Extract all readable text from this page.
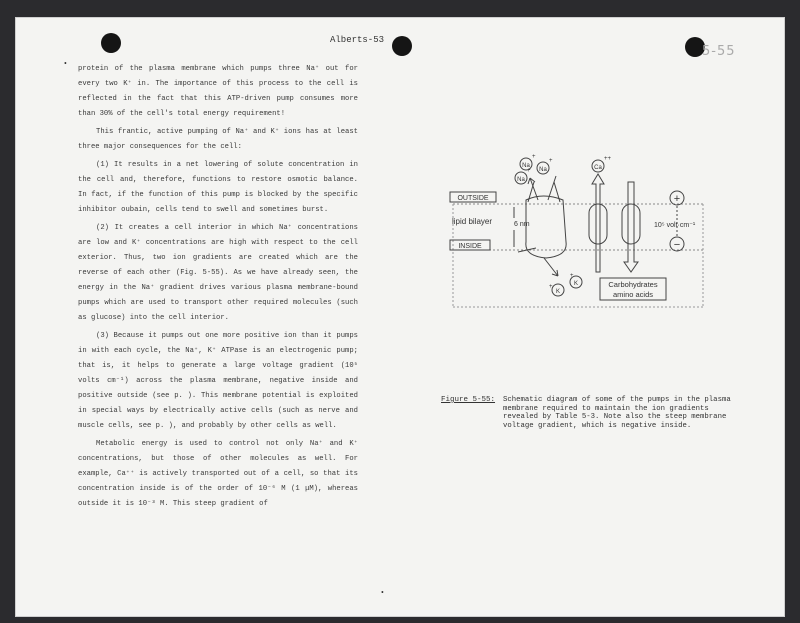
Alberts-53
5-55
•

protein of the plasma membrane which pumps three Na⁺ out for every two K⁺ in. The importance of this process to the cell is reflected in the fact that this ATP-driven pump consumes more than 30% of the cell's total energy requirement!

This frantic, active pumping of Na⁺ and K⁺ ions has at least three major consequences for the cell:

(1) It results in a net lowering of solute concentration in the cell and, therefore, functions to restore osmotic balance. In fact, if the function of this pump is blocked by the specific inhibitor oubain, cells tend to swell and sometimes burst.

(2) It creates a cell interior in which Na⁺ concentrations are low and K⁺ concentrations are high with respect to the cell exterior. Thus, two ion gradients are created which are the reverse of each other (Fig. 5-55). As we have already seen, the energy in the Na⁺ gradient drives various plasma membrane-bound pumps which are used to transport other required molecules (such as glucose) into the cell interior.

(3) Because it pumps out one more positive ion than it pumps in with each cycle, the Na⁺, K⁺ ATPase is an electrogenic pump; that is, it helps to generate a large voltage gradient (10⁵ volts cm⁻¹) across the plasma membrane, negative inside and positive outside (see p. ). This membrane potential is exploited in special ways by electrically active cells (such as nerve and muscle cells, see p. ), and probably by other cells as well.

Metabolic energy is used to control not only Na⁺ and K⁺ concentrations, but those of other molecules as well. For example, Ca⁺⁺ is actively transported out of a cell, so that its concentration inside is of the order of 10⁻⁶ M (1 μM), whereas outside it is 10⁻³ M. This steep gradient of

OUTSIDE
INSIDE
lipid bilayer	6 nm
Na
+
Na
+
Na
+
K
+
K
+
Ca
++
Carbohydrates
amino acids
+
−
10⁵ volt·cm⁻¹
Figure 5-55: Schematic diagram of some of the pumps in the plasma membrane required to maintain the ion gradients revealed by Table 5-3. Note also the steep membrane voltage gradient, which is negative inside.
•
